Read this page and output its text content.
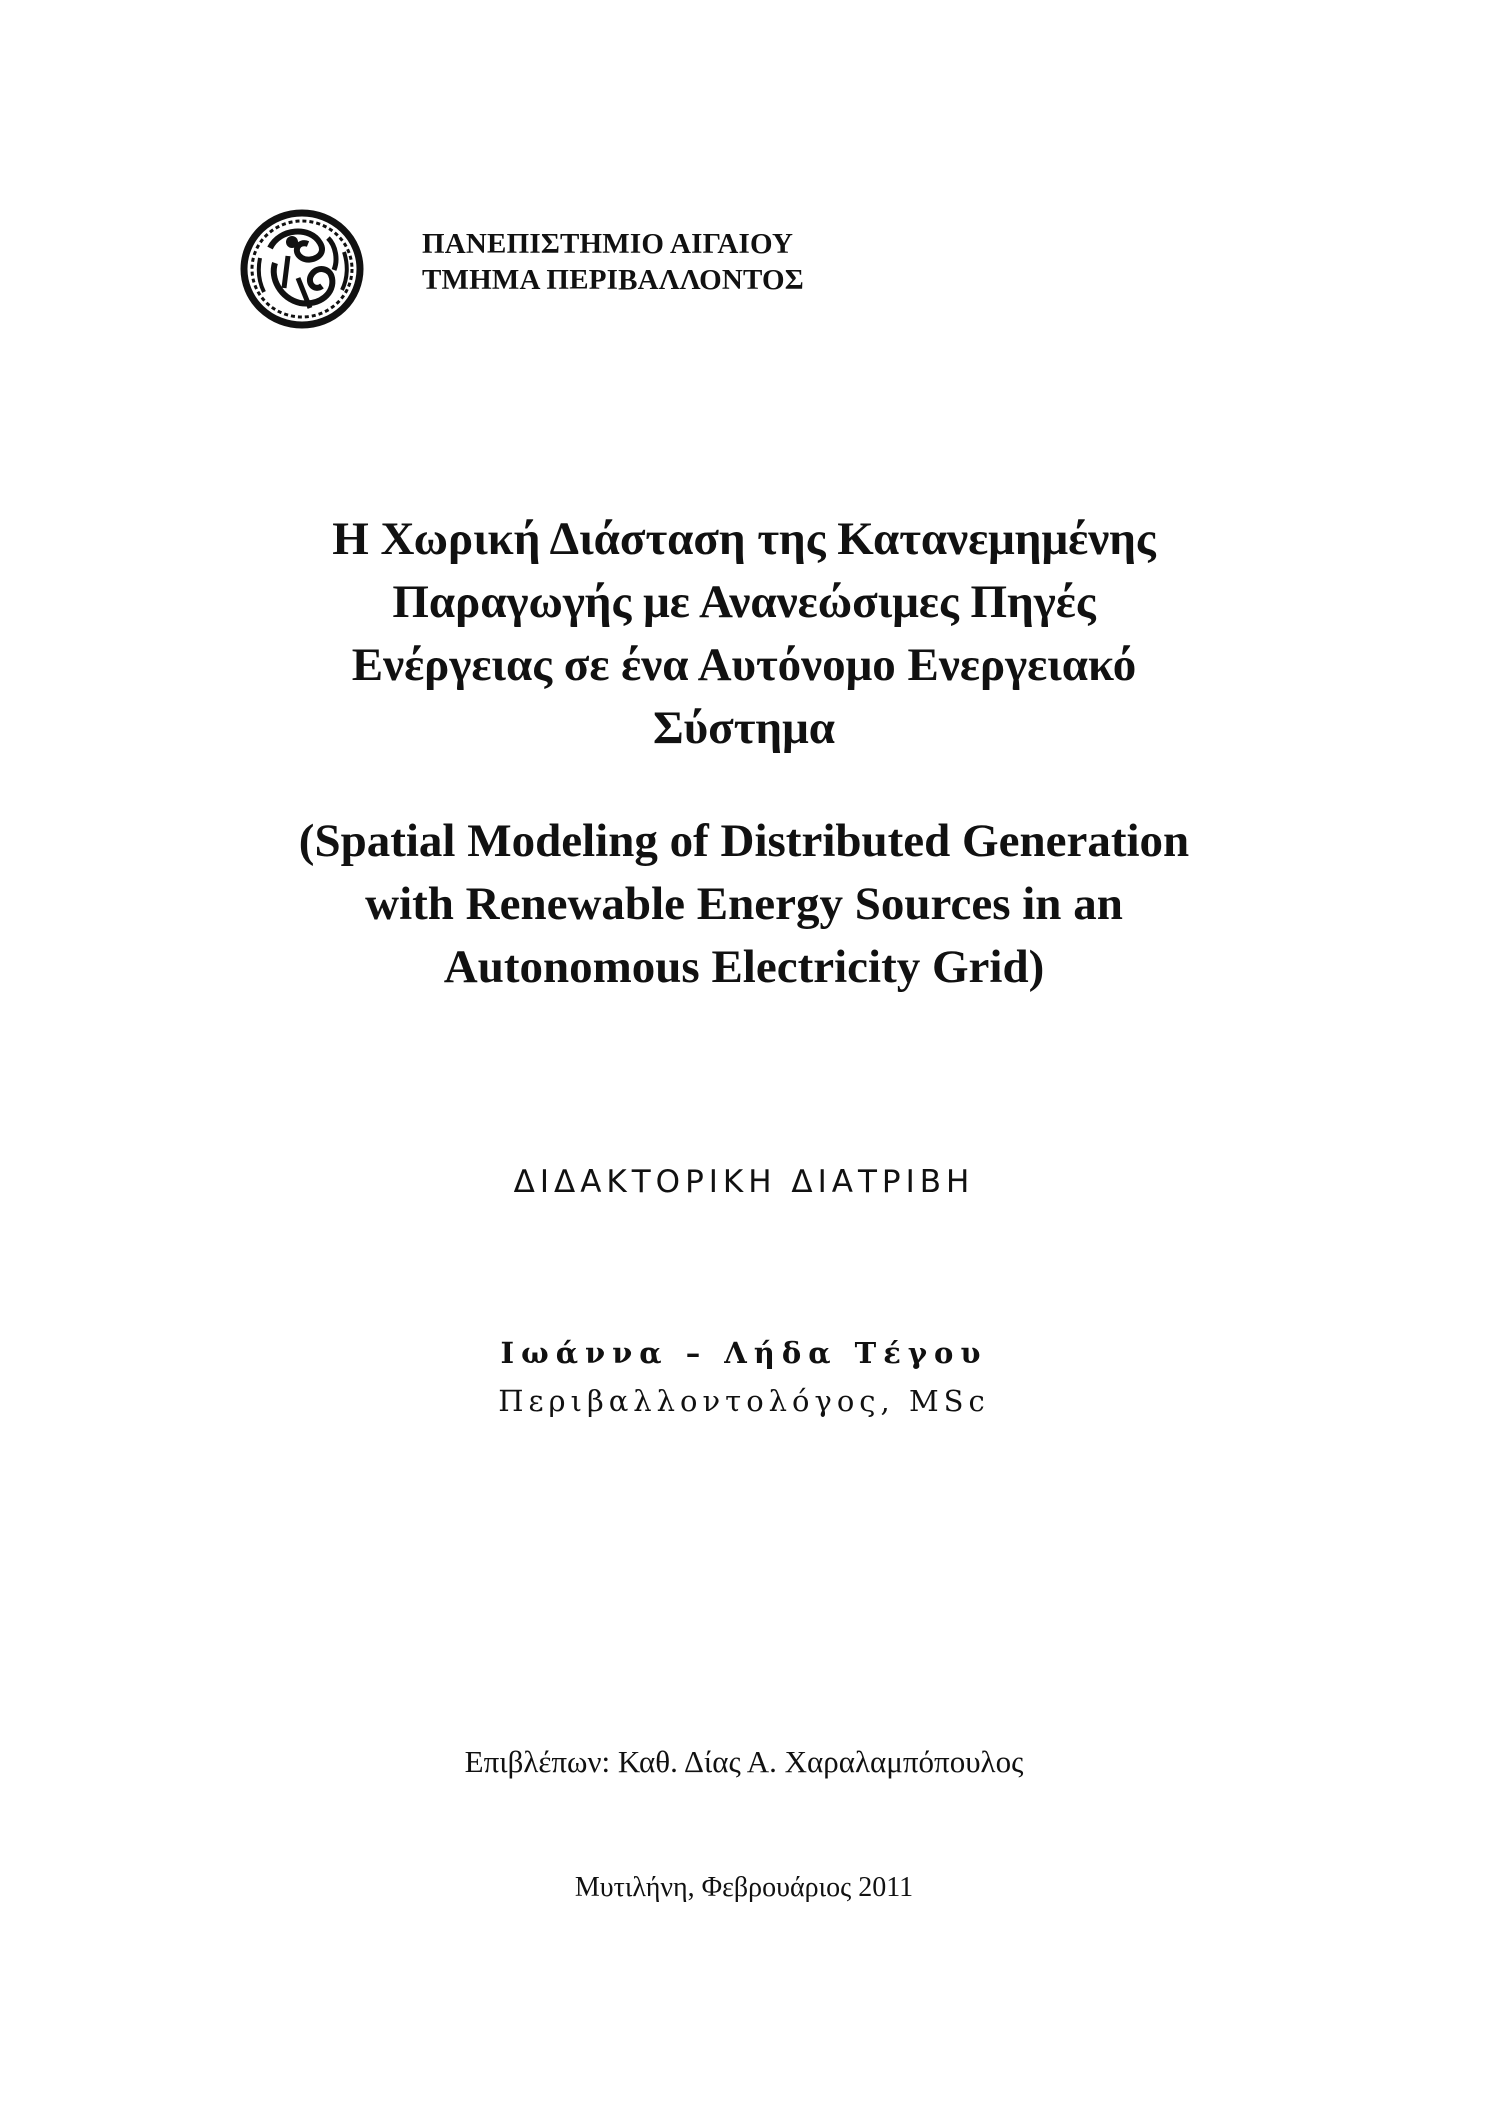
ΠΑΝΕΠΙΣΤΗΜΙΟ ΑΙΓΑΙΟΥ
ΤΜΗΜΑ ΠΕΡΙΒΑΛΛΟΝΤΟΣ
Η Χωρική Διάσταση της Κατανεμημένης
Παραγωγής με Ανανεώσιμες Πηγές
Ενέργειας σε ένα Αυτόνομο Ενεργειακό
Σύστημα
(Spatial Modeling of Distributed Generation
with Renewable Energy Sources in an
Autonomous Electricity Grid)
ΔΙΔΑΚΤΟΡΙΚΗ ΔΙΑΤΡΙΒΗ
Ιωάννα – Λήδα Τέγου
Περιβαλλοντολόγος, MSc
Επιβλέπων: Καθ. Δίας Α. Χαραλαμπόπουλος
Μυτιλήνη, Φεβρουάριος 2011
